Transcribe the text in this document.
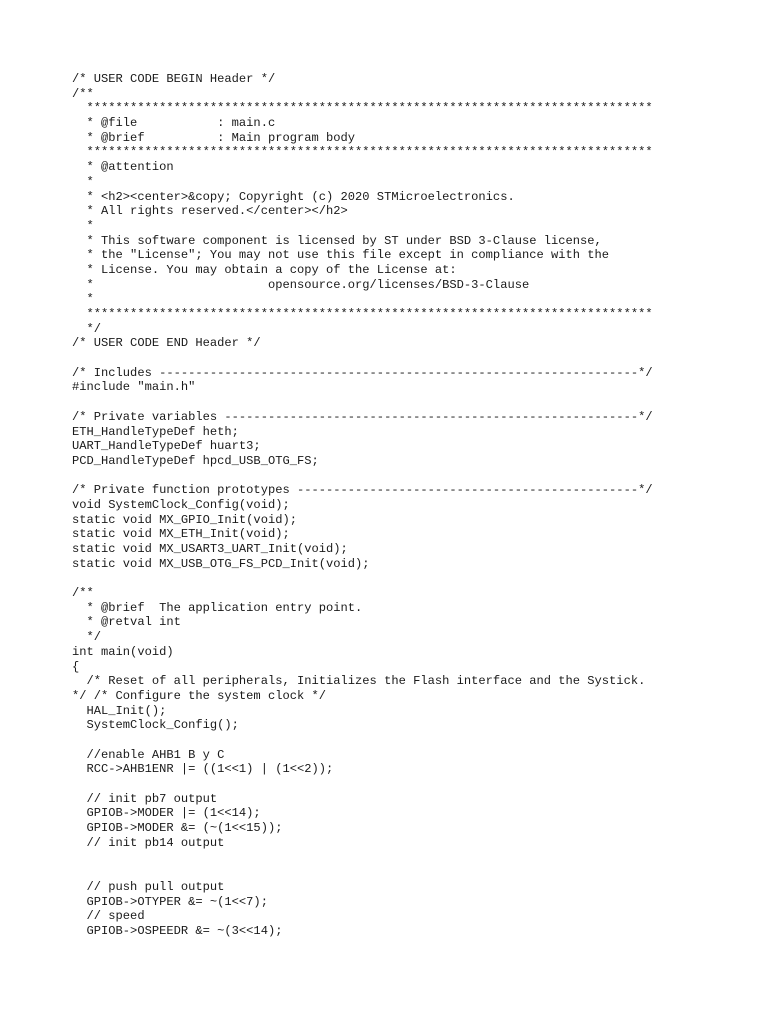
/* USER CODE BEGIN Header */
/**
******************************************************************************
* @file           : main.c
* @brief          : Main program body
******************************************************************************
* @attention
*
* <h2><center>&copy; Copyright (c) 2020 STMicroelectronics.
* All rights reserved.</center></h2>
*
* This software component is licensed by ST under BSD 3-Clause license,
* the "License"; You may not use this file except in compliance with the
* License. You may obtain a copy of the License at:
*                        opensource.org/licenses/BSD-3-Clause
*
******************************************************************************
*/
/* USER CODE END Header */
/* Includes ------------------------------------------------------------------*/
#include "main.h"
/* Private variables ---------------------------------------------------------*/
ETH_HandleTypeDef heth;
UART_HandleTypeDef huart3;
PCD_HandleTypeDef hpcd_USB_OTG_FS;
/* Private function prototypes -----------------------------------------------*/
void SystemClock_Config(void);
static void MX_GPIO_Init(void);
static void MX_ETH_Init(void);
static void MX_USART3_UART_Init(void);
static void MX_USB_OTG_FS_PCD_Init(void);
/**
* @brief  The application entry point.
* @retval int
*/
int main(void)
{
/* Reset of all peripherals, Initializes the Flash interface and the Systick.
*/ /* Configure the system clock */
HAL_Init();
SystemClock_Config();
//enable AHB1 B y C
RCC->AHB1ENR |= ((1<<1) | (1<<2));
// init pb7 output
GPIOB->MODER |= (1<<14);
GPIOB->MODER &= (~(1<<15));
// init pb14 output
// push pull output
GPIOB->OTYPER &= ~(1<<7);
// speed
GPIOB->OSPEEDR &= ~(3<<14);
